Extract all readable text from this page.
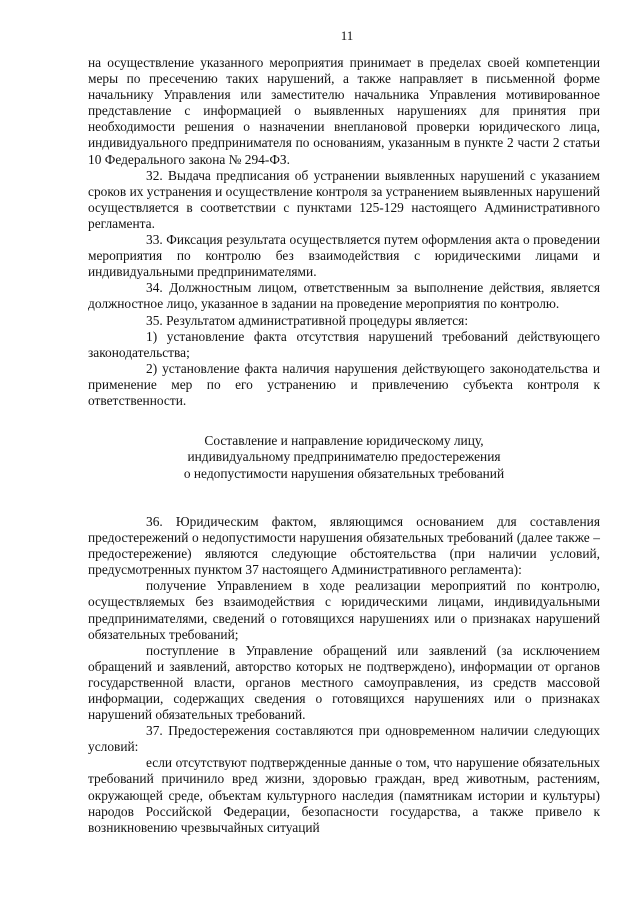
11

на осуществление указанного мероприятия принимает в пределах своей компетенции меры по пресечению таких нарушений, а также направляет в письменной форме начальнику Управления или заместителю начальника Управления мотивированное представление с информацией о выявленных нарушениях для принятия при необходимости решения о назначении внеплановой проверки юридического лица, индивидуального предпринимателя по основаниям, указанным в пункте 2 части 2 статьи 10 Федерального закона № 294-ФЗ.

32. Выдача предписания об устранении выявленных нарушений с указанием сроков их устранения и осуществление контроля за устранением выявленных нарушений осуществляется в соответствии с пунктами 125-129 настоящего Административного регламента.

33. Фиксация результата осуществляется путем оформления акта о проведении мероприятия по контролю без взаимодействия с юридическими лицами и индивидуальными предпринимателями.

34. Должностным лицом, ответственным за выполнение действия, является должностное лицо, указанное в задании на проведение мероприятия по контролю.

35. Результатом административной процедуры является:

1) установление факта отсутствия нарушений требований действующего законодательства;

2) установление факта наличия нарушения действующего законодательства и применение мер по его устранению и привлечению субъекта контроля к ответственности.

Составление и направление юридическому лицу,
индивидуальному предпринимателю предостережения
о недопустимости нарушения обязательных требований

36. Юридическим фактом, являющимся основанием для составления предостережений о недопустимости нарушения обязательных требований (далее также – предостережение) являются следующие обстоятельства (при наличии условий, предусмотренных пунктом 37 настоящего Административного регламента):

получение Управлением в ходе реализации мероприятий по контролю, осуществляемых без взаимодействия с юридическими лицами, индивидуальными предпринимателями, сведений о готовящихся нарушениях или о признаках нарушений обязательных требований;

поступление в Управление обращений или заявлений (за исключением обращений и заявлений, авторство которых не подтверждено), информации от органов государственной власти, органов местного самоуправления, из средств массовой информации, содержащих сведения о готовящихся нарушениях или о признаках нарушений обязательных требований.

37. Предостережения составляются при одновременном наличии следующих условий:

если отсутствуют подтвержденные данные о том, что нарушение обязательных требований причинило вред жизни, здоровью граждан, вред животным, растениям, окружающей среде, объектам культурного наследия (памятникам истории и культуры) народов Российской Федерации, безопасности государства, а также привело к возникновению чрезвычайных ситуаций
